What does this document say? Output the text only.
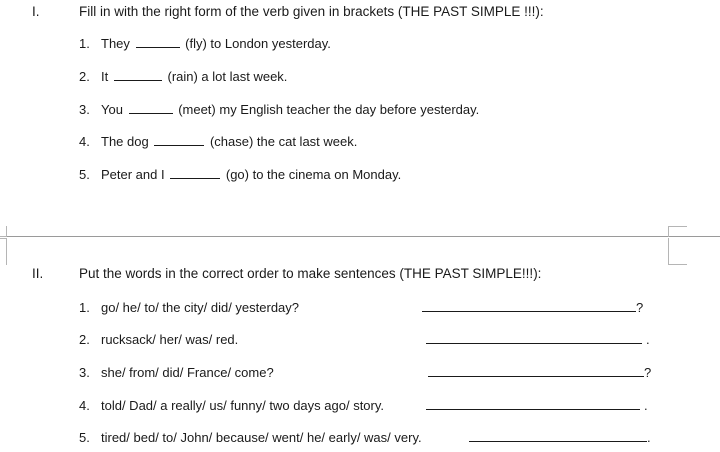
I.	Fill in with the right form of the verb given in brackets (THE PAST SIMPLE !!!):
1. They	(fly) to London yesterday.
2. It	(rain) a lot last week.
3. You	(meet) my English teacher the day before yesterday.
4. The dog	(chase) the cat last week.
5. Peter and I	(go) to the cinema on Monday.
II.	Put the words in the correct order to make sentences (THE PAST SIMPLE!!!):
1. go/ he/ to/ the city/ did/ yesterday?	?
2. rucksack/ her/ was/ red.	.
3. she/ from/ did/ France/ come?	?
4. told/ Dad/ a really/ us/ funny/ two days ago/ story.	.
5. tired/ bed/ to/ John/ because/ went/ he/ early/ was/ very.	.
